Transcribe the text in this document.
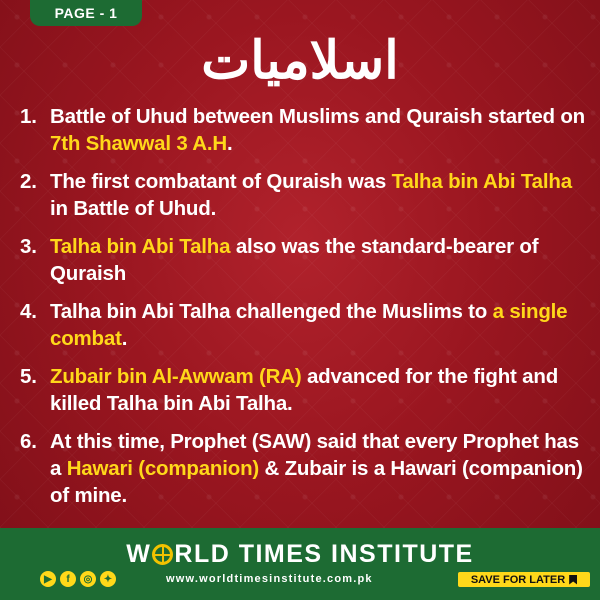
PAGE - 1
اسلامیات
1. Battle of Uhud between Muslims and Quraish started on 7th Shawwal 3 A.H.
2. The first combatant of Quraish was Talha bin Abi Talha in Battle of Uhud.
3. Talha bin Abi Talha also was the standard-bearer of Quraish
4. Talha bin Abi Talha challenged the Muslims to a single combat.
5. Zubair bin Al-Awwam (RA) advanced for the fight and killed Talha bin Abi Talha.
6. At this time, Prophet (SAW) said that every Prophet has a Hawari (companion) & Zubair is a Hawari (companion) of mine.
W RLD TIMES INSTITUTE
▶	f	◎	✦	www.worldtimesinstitute.com.pk	SAVE FOR LATER
